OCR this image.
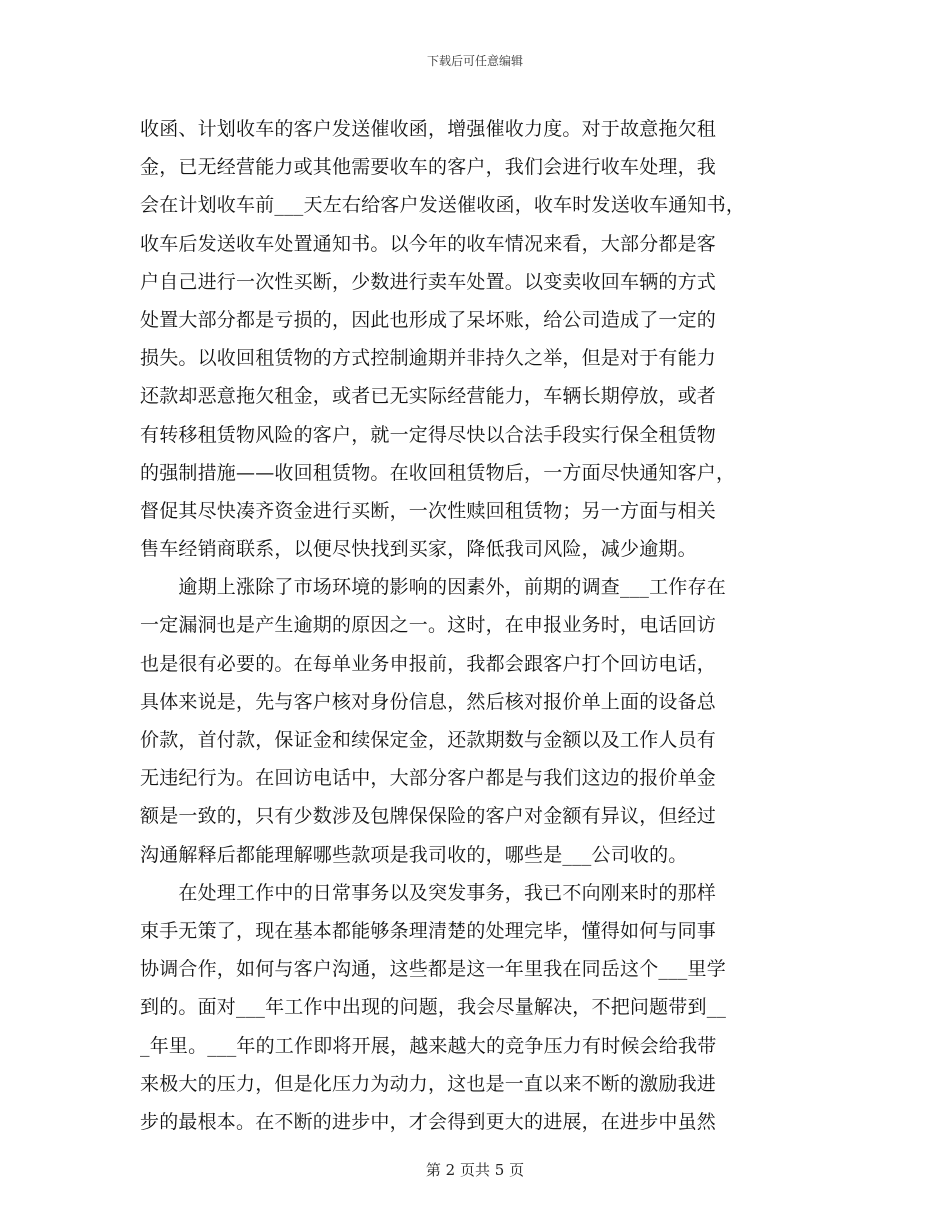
下载后可任意编辑
收函、计划收车的客户发送催收函，增强催收力度。对于故意拖欠租
金，已无经营能力或其他需要收车的客户，我们会进行收车处理，我
会在计划收车前___天左右给客户发送催收函，收车时发送收车通知书，
收车后发送收车处置通知书。以今年的收车情况来看，大部分都是客
户自己进行一次性买断，少数进行卖车处置。以变卖收回车辆的方式
处置大部分都是亏损的，因此也形成了呆坏账，给公司造成了一定的
损失。以收回租赁物的方式控制逾期并非持久之举，但是对于有能力
还款却恶意拖欠租金，或者已无实际经营能力，车辆长期停放，或者
有转移租赁物风险的客户，就一定得尽快以合法手段实行保全租赁物
的强制措施——收回租赁物。在收回租赁物后，一方面尽快通知客户，
督促其尽快凑齐资金进行买断，一次性赎回租赁物；另一方面与相关
售车经销商联系，以便尽快找到买家，降低我司风险，减少逾期。
　　逾期上涨除了市场环境的影响的因素外，前期的调查___工作存在
一定漏洞也是产生逾期的原因之一。这时，在申报业务时，电话回访
也是很有必要的。在每单业务申报前，我都会跟客户打个回访电话，
具体来说是，先与客户核对身份信息，然后核对报价单上面的设备总
价款，首付款，保证金和续保定金，还款期数与金额以及工作人员有
无违纪行为。在回访电话中，大部分客户都是与我们这边的报价单金
额是一致的，只有少数涉及包牌保保险的客户对金额有异议，但经过
沟通解释后都能理解哪些款项是我司收的，哪些是___公司收的。
　　在处理工作中的日常事务以及突发事务，我已不向刚来时的那样
束手无策了，现在基本都能够条理清楚的处理完毕，懂得如何与同事
协调合作，如何与客户沟通，这些都是这一年里我在同岳这个___里学
到的。面对___年工作中出现的问题，我会尽量解决，不把问题带到__
_年里。___年的工作即将开展，越来越大的竞争压力有时候会给我带
来极大的压力，但是化压力为动力，这也是一直以来不断的激励我进
步的最根本。在不断的进步中，才会得到更大的进展，在进步中虽然
第 2 页共 5 页
